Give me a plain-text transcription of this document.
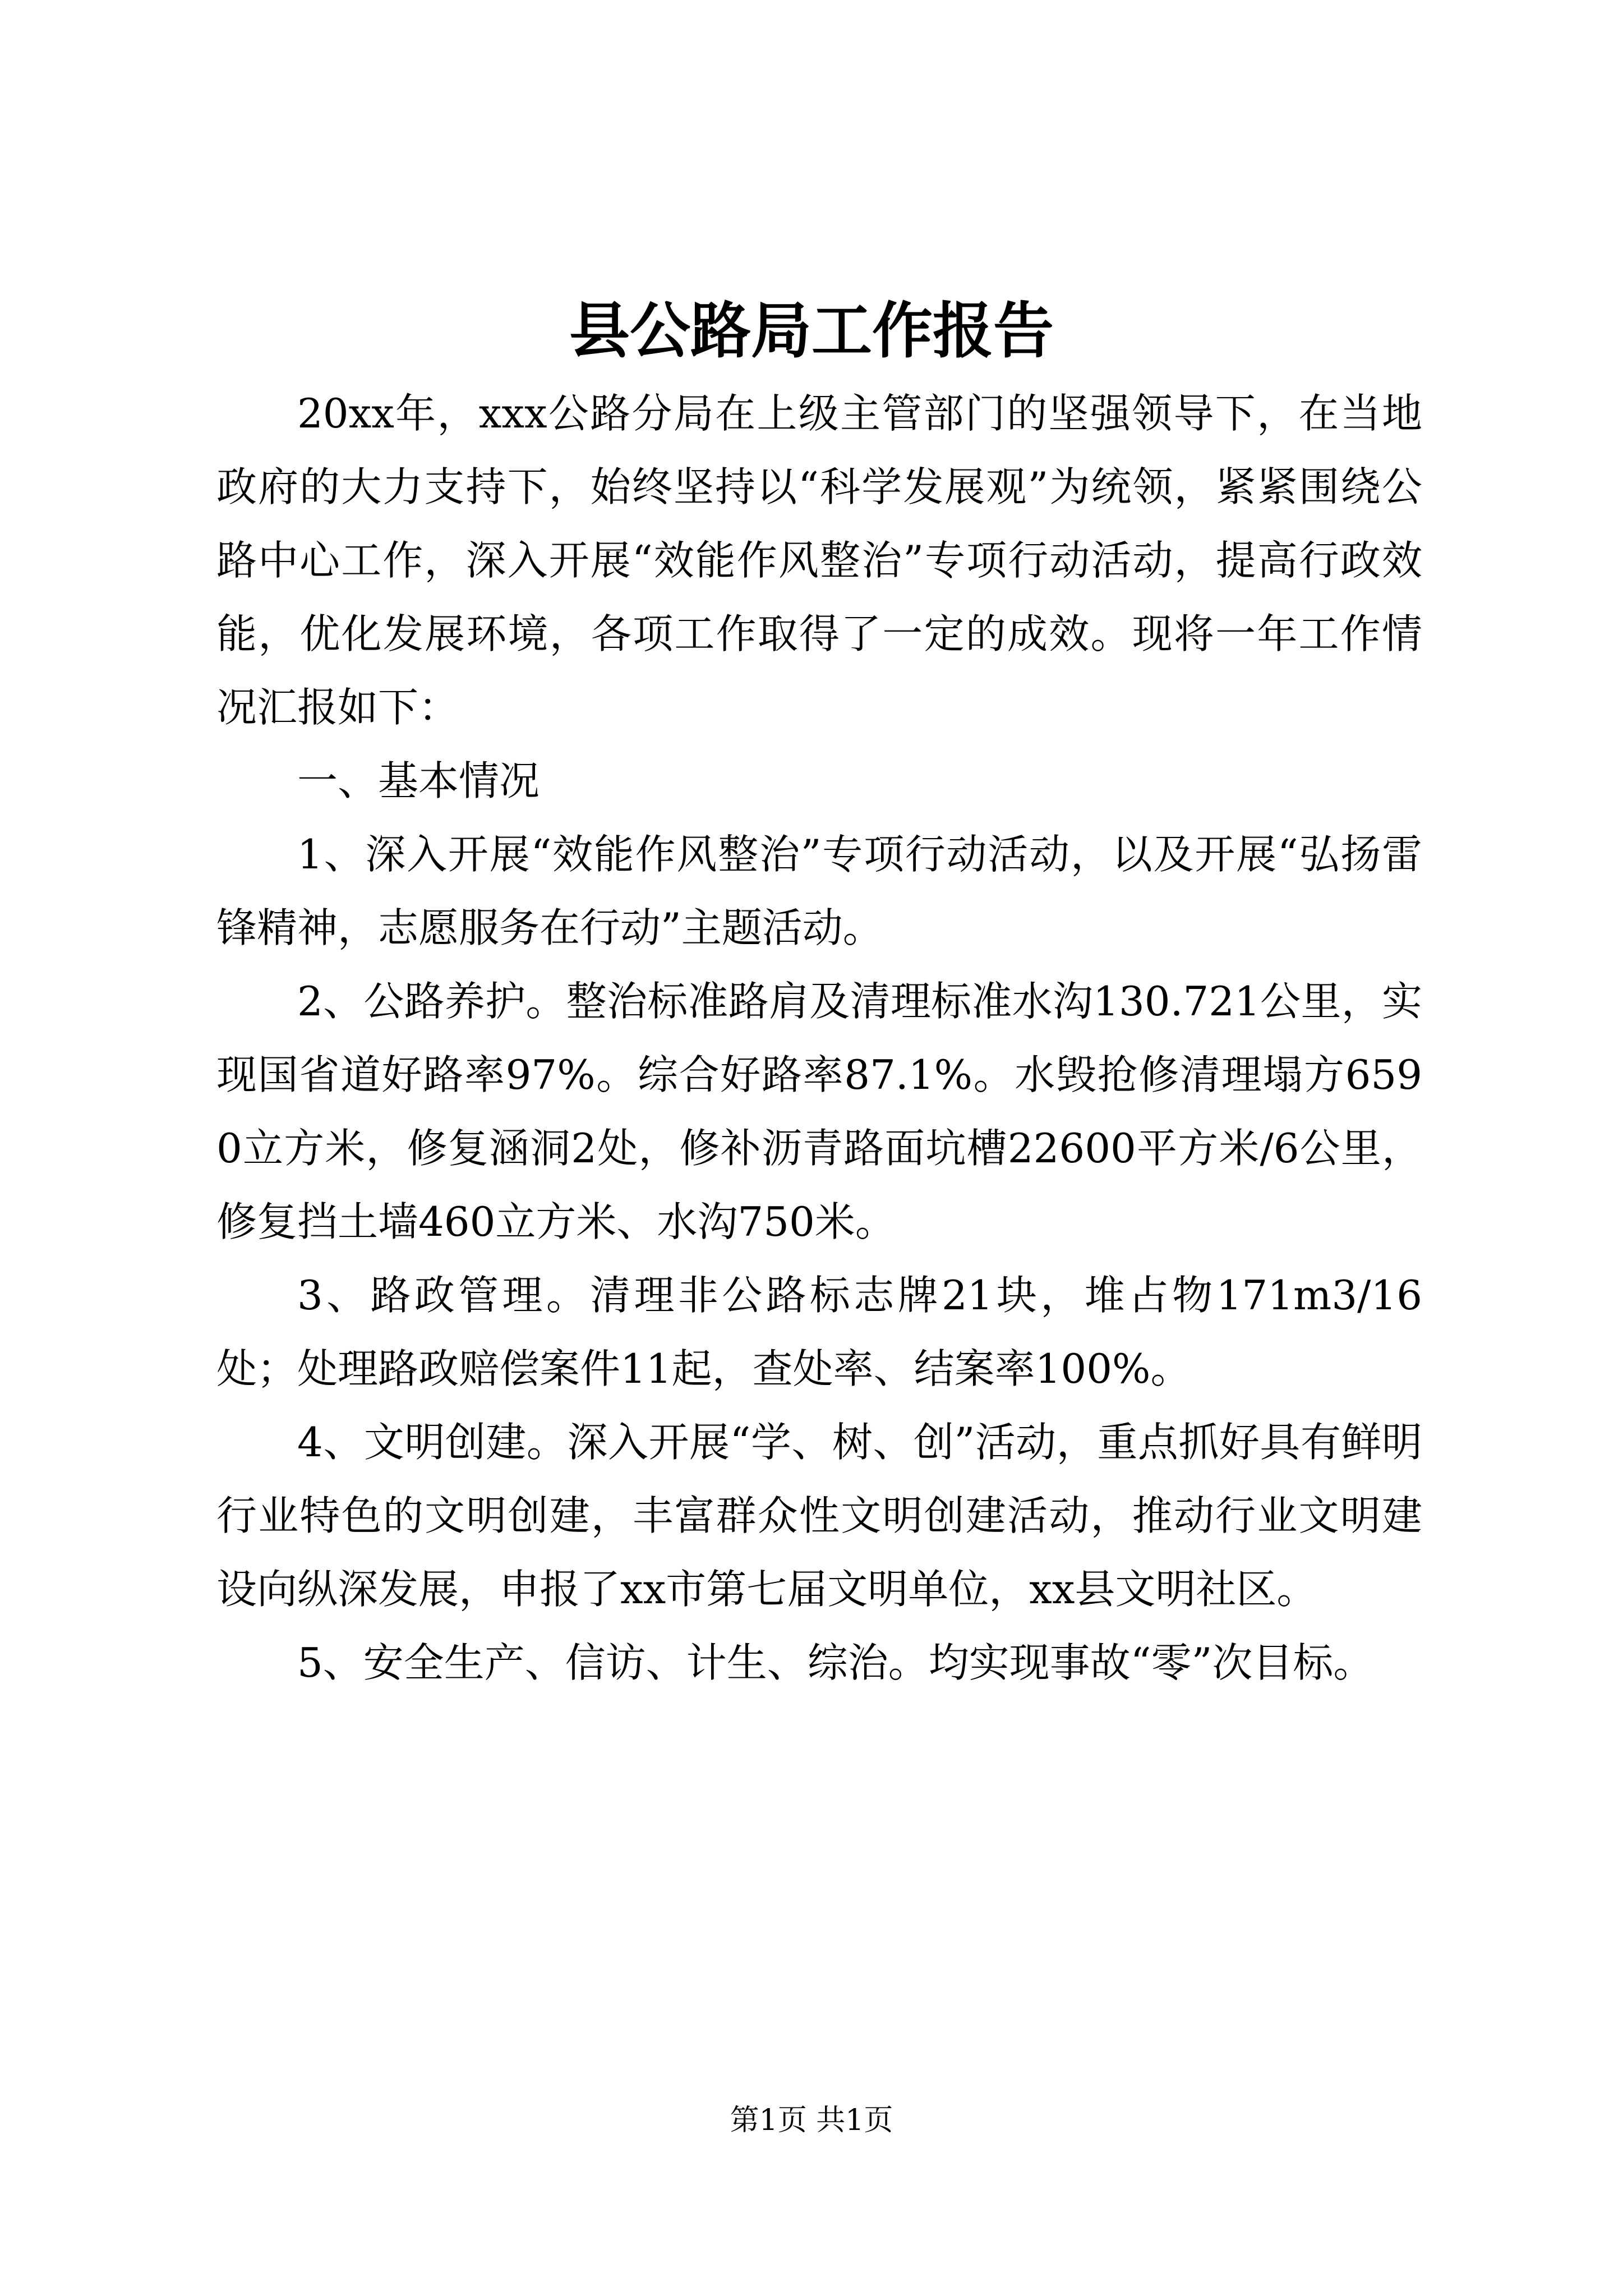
县公路局工作报告

20xx年，xxx公路分局在上级主管部门的坚强领导下，在当地政府的大力支持下，始终坚持以“科学发展观”为统领，紧紧围绕公路中心工作，深入开展“效能作风整治”专项行动活动，提高行政效能，优化发展环境，各项工作取得了一定的成效。现将一年工作情况汇报如下：

一、基本情况

1、深入开展“效能作风整治”专项行动活动，以及开展“弘扬雷锋精神，志愿服务在行动”主题活动。

2、公路养护。整治标准路肩及清理标准水沟130.721公里，实现国省道好路率97%。综合好路率87.1%。水毁抢修清理塌方6590立方米，修复涵洞2处，修补沥青路面坑槽22600平方米/6公里，修复挡土墙460立方米、水沟750米。

3、路政管理。清理非公路标志牌21块，堆占物171m3/16处；处理路政赔偿案件11起，查处率、结案率100%。

4、文明创建。深入开展“学、树、创”活动，重点抓好具有鲜明行业特色的文明创建，丰富群众性文明创建活动，推动行业文明建设向纵深发展，申报了xx市第七届文明单位，xx县文明社区。

5、安全生产、信访、计生、综治。均实现事故“零”次目标。

第1页 共1页
